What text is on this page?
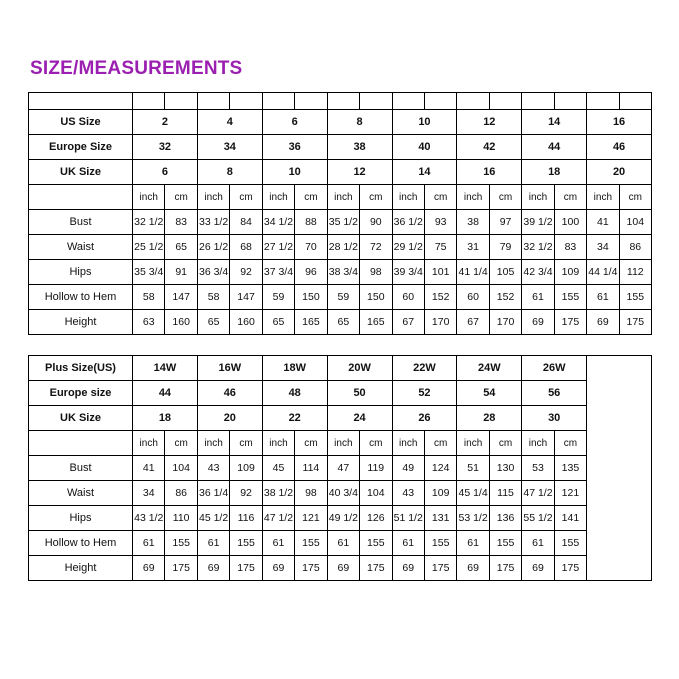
SIZE/MEASUREMENTS

US Size	2		4		6		8		10		12		14		16	
Europe Size	32		34		36		38		40		42		44		46	
UK Size	6		8		10		12		14		16		18		20	
	inch	cm	inch	cm	inch	cm	inch	cm	inch	cm	inch	cm	inch	cm	inch	cm
Bust	32 1/2	83	33 1/2	84	34 1/2	88	35 1/2	90	36 1/2	93	38	97	39 1/2	100	41	104
Waist	25 1/2	65	26 1/2	68	27 1/2	70	28 1/2	72	29 1/2	75	31	79	32 1/2	83	34	86
Hips	35 3/4	91	36 3/4	92	37 3/4	96	38 3/4	98	39 3/4	101	41 1/4	105	42 3/4	109	44 1/4	112
Hollow to Hem	58	147	58	147	59	150	59	150	60	152	60	152	61	155	61	155
Height	63	160	65	160	65	165	65	165	67	170	67	170	69	175	69	175
Plus Size(US)	14W		16W		18W		20W		22W		24W		26W	
Europe size	44		46		48		50		52		54		56	
UK Size	18		20		22		24		26		28		30	
	inch	cm	inch	cm	inch	cm	inch	cm	inch	cm	inch	cm	inch	cm
Bust	41	104	43	109	45	114	47	119	49	124	51	130	53	135
Waist	34	86	36 1/4	92	38 1/2	98	40 3/4	104	43	109	45 1/4	115	47 1/2	121
Hips	43 1/2	110	45 1/2	116	47 1/2	121	49 1/2	126	51 1/2	131	53 1/2	136	55 1/2	141
Hollow to Hem	61	155	61	155	61	155	61	155	61	155	61	155	61	155
Height	69	175	69	175	69	175	69	175	69	175	69	175	69	175
